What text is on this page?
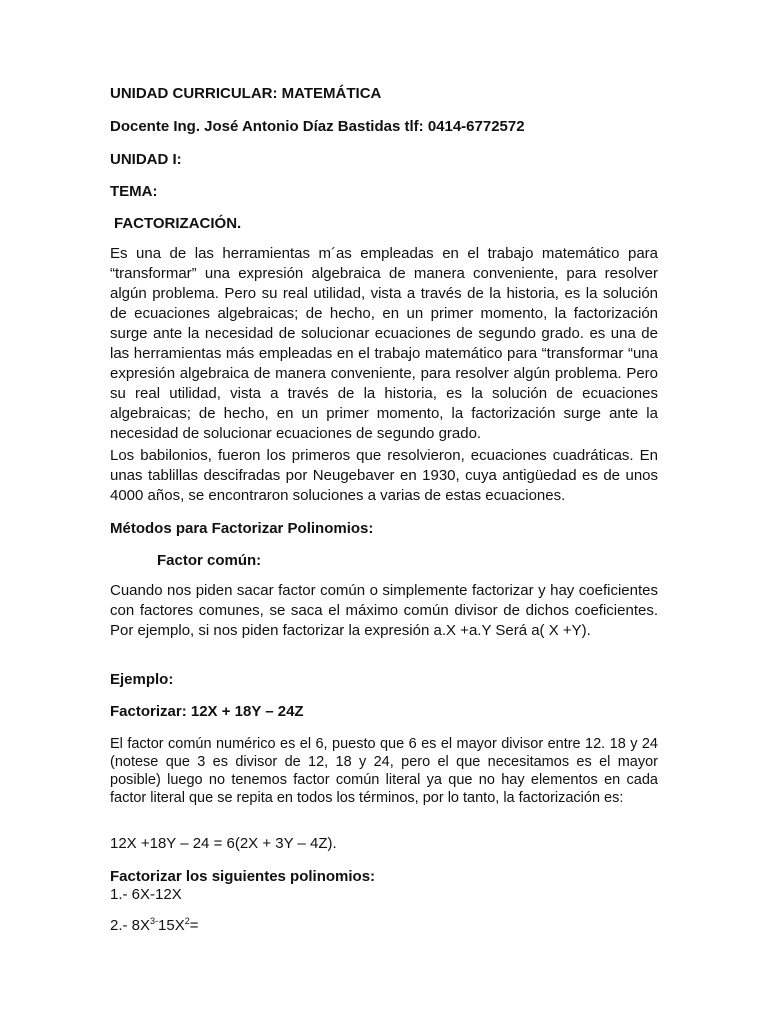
UNIDAD CURRICULAR: MATEMÁTICA

Docente Ing. José Antonio Díaz Bastidas tlf: 0414-6772572

UNIDAD I:

TEMA:

FACTORIZACIÓN.

Es una de las herramientas m´as empleadas en el trabajo matemático para “transformar” una expresión algebraica de manera conveniente, para resolver algún problema. Pero su real utilidad, vista a través de la historia, es la solución de ecuaciones algebraicas; de hecho, en un primer momento, la factorización surge ante la necesidad de solucionar ecuaciones de segundo grado. es una de las herramientas más empleadas en el trabajo matemático para “transformar “una expresión algebraica de manera conveniente, para resolver algún problema. Pero su real utilidad, vista a través de la historia, es la solución de ecuaciones algebraicas; de hecho, en un primer momento, la factorización surge ante la necesidad de solucionar ecuaciones de segundo grado.

Los babilonios, fueron los primeros que resolvieron, ecuaciones cuadráticas. En unas tablillas descifradas por Neugebaver en 1930, cuya antigüedad es de unos 4000 años, se encontraron soluciones a varias de estas ecuaciones.

Métodos para Factorizar Polinomios:

Factor común:

Cuando nos piden sacar factor común o simplemente factorizar y hay coeficientes con factores comunes, se saca el máximo común divisor de dichos coeficientes. Por ejemplo, si nos piden factorizar la expresión a.X +a.Y Será a( X +Y).

Ejemplo:

Factorizar: 12X + 18Y – 24Z

El factor común numérico es el 6, puesto que 6 es el mayor divisor entre 12. 18 y 24 (notese que 3 es divisor de 12, 18 y 24, pero el que necesitamos es el mayor posible) luego no tenemos factor común literal ya que no hay elementos en cada factor literal que se repita en todos los términos, por lo tanto, la factorización es:

12X +18Y – 24 = 6(2X + 3Y – 4Z).

Factorizar los siguientes polinomios:

1.- 6X-12X

2.- $8X^{3-}15X^2=$
